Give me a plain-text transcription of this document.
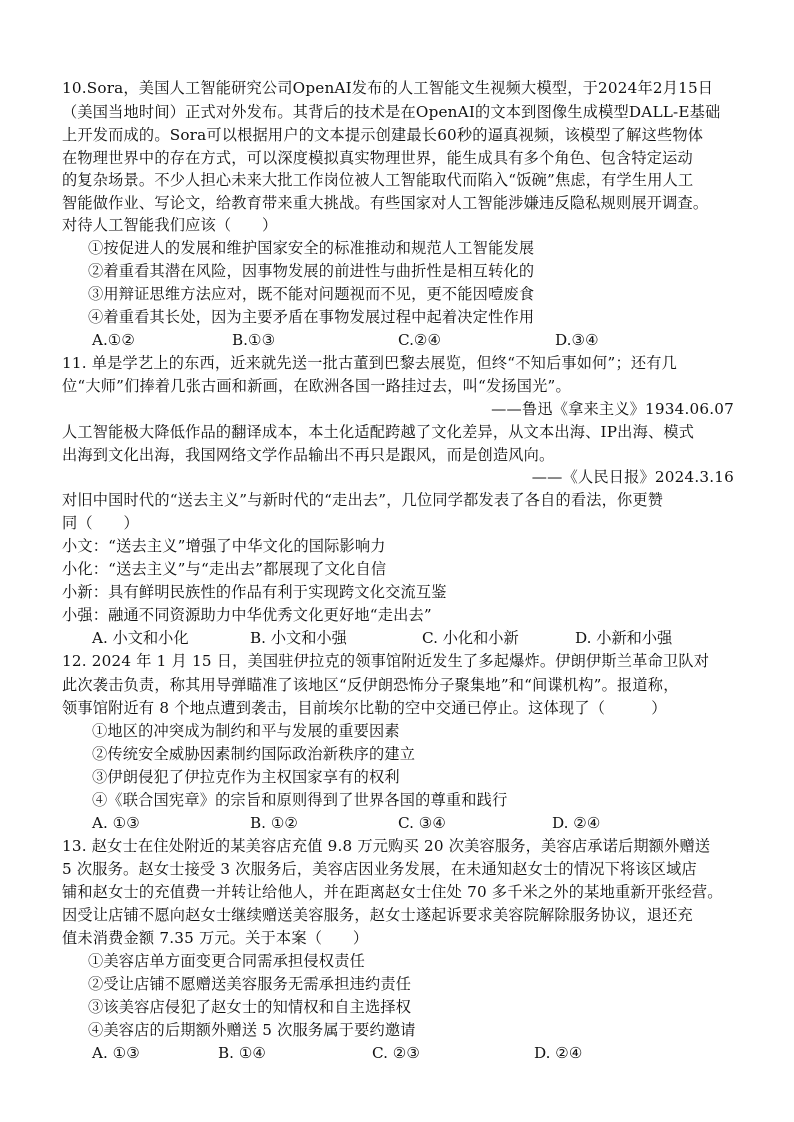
10.Sora，美国人工智能研究公司OpenAI发布的人工智能文生视频大模型，于2024年2月15日
（美国当地时间）正式对外发布。其背后的技术是在OpenAI的文本到图像生成模型DALL-E基础
上开发而成的。Sora可以根据用户的文本提示创建最长60秒的逼真视频，该模型了解这些物体
在物理世界中的存在方式，可以深度模拟真实物理世界，能生成具有多个角色、包含特定运动
的复杂场景。不少人担心未来大批工作岗位被人工智能取代而陷入“饭碗”焦虑，有学生用人工
智能做作业、写论文，给教育带来重大挑战。有些国家对人工智能涉嫌违反隐私规则展开调查。
对待人工智能我们应该（　　）
①按促进人的发展和维护国家安全的标准推动和规范人工智能发展
②着重看其潜在风险，因事物发展的前进性与曲折性是相互转化的
③用辩证思维方法应对，既不能对问题视而不见，更不能因噎废食
④着重看其长处，因为主要矛盾在事物发展过程中起着决定性作用
A.①②	B.①③	C.②④	D.③④
11. 单是学艺上的东西，近来就先送一批古董到巴黎去展览，但终“不知后事如何”；还有几
位“大师”们捧着几张古画和新画，在欧洲各国一路挂过去，叫“发扬国光”。
——鲁迅《拿来主义》1934.06.07
人工智能极大降低作品的翻译成本，本土化适配跨越了文化差异，从文本出海、IP出海、模式
出海到文化出海，我国网络文学作品输出不再只是跟风，而是创造风向。
——《人民日报》2024.3.16
对旧中国时代的“送去主义”与新时代的“走出去”，几位同学都发表了各自的看法，你更赞
同（　　）
小文：“送去主义”增强了中华文化的国际影响力
小化：“送去主义”与“走出去”都展现了文化自信
小新：具有鲜明民族性的作品有利于实现跨文化交流互鉴
小强：融通不同资源助力中华优秀文化更好地“走出去”
A. 小文和小化	B. 小文和小强	C. 小化和小新	D. 小新和小强
12. 2024 年 1 月 15 日，美国驻伊拉克的领事馆附近发生了多起爆炸。伊朗伊斯兰革命卫队对
此次袭击负责，称其用导弹瞄准了该地区“反伊朗恐怖分子聚集地”和“间谍机构”。报道称，
领事馆附近有 8 个地点遭到袭击，目前埃尔比勒的空中交通已停止。这体现了（　　　）
①地区的冲突成为制约和平与发展的重要因素
②传统安全威胁因素制约国际政治新秩序的建立
③伊朗侵犯了伊拉克作为主权国家享有的权利
④《联合国宪章》的宗旨和原则得到了世界各国的尊重和践行
A. ①③	B. ①②	C. ③④	D. ②④
13. 赵女士在住处附近的某美容店充值 9.8 万元购买 20 次美容服务，美容店承诺后期额外赠送
5 次服务。赵女士接受 3 次服务后，美容店因业务发展，在未通知赵女士的情况下将该区域店
铺和赵女士的充值费一并转让给他人，并在距离赵女士住处 70 多千米之外的某地重新开张经营。
因受让店铺不愿向赵女士继续赠送美容服务，赵女士遂起诉要求美容院解除服务协议，退还充
值未消费金额 7.35 万元。关于本案（　　）
①美容店单方面变更合同需承担侵权责任
②受让店铺不愿赠送美容服务无需承担违约责任
③该美容店侵犯了赵女士的知情权和自主选择权
④美容店的后期额外赠送 5 次服务属于要约邀请
A. ①③	B. ①④	C. ②③	D. ②④
